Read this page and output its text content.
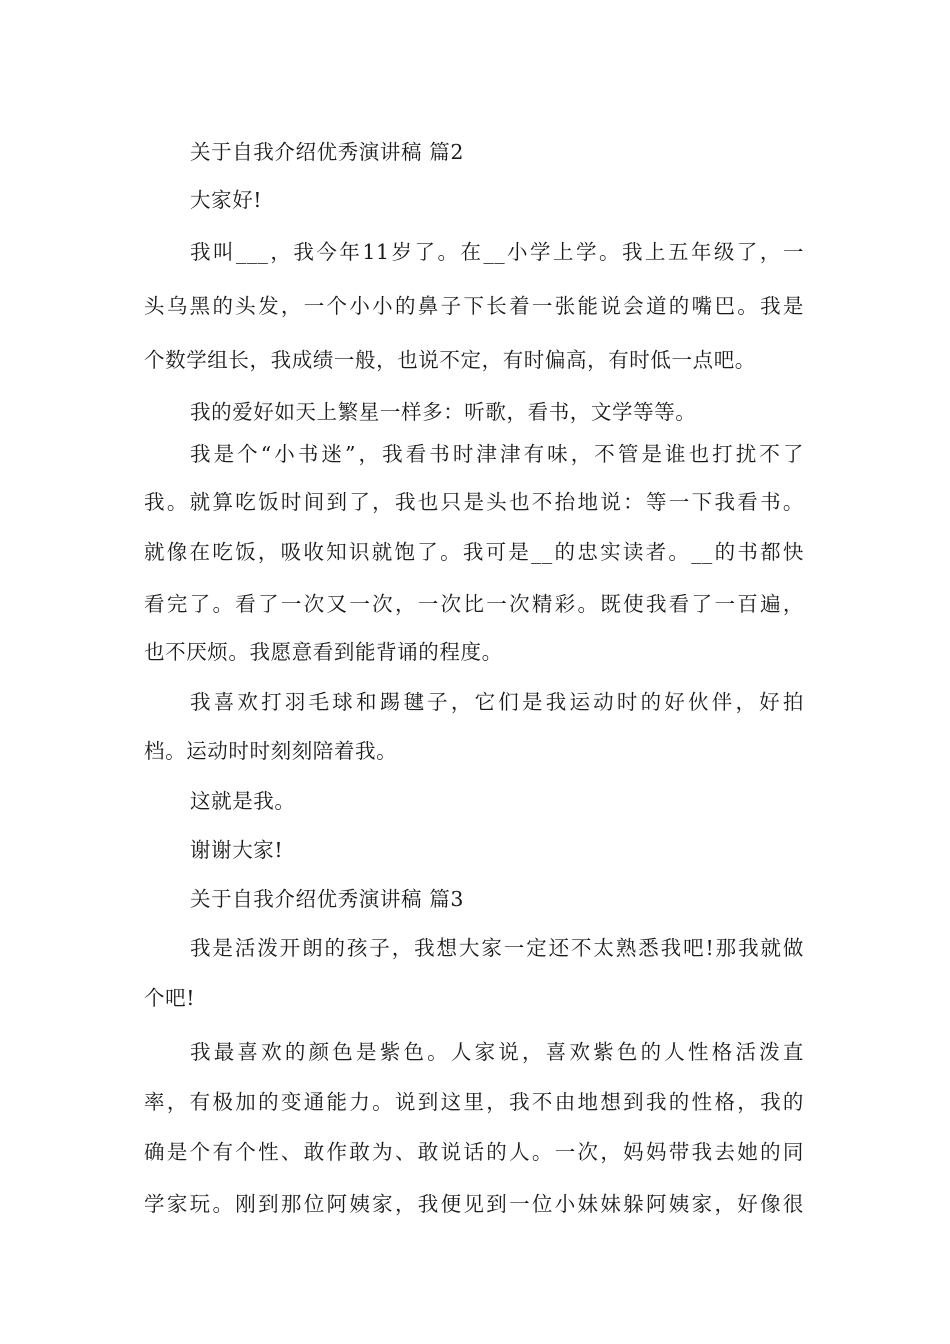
关于自我介绍优秀演讲稿 篇2
大家好!
我叫___，我今年11岁了。在__小学上学。我上五年级了，一
头乌黑的头发，一个小小的鼻子下长着一张能说会道的嘴巴。我是
个数学组长，我成绩一般，也说不定，有时偏高，有时低一点吧。
我的爱好如天上繁星一样多：听歌，看书，文学等等。
我是个“小书迷”，我看书时津津有味，不管是谁也打扰不了
我。就算吃饭时间到了，我也只是头也不抬地说：等一下我看书。
就像在吃饭，吸收知识就饱了。我可是__的忠实读者。__的书都快
看完了。看了一次又一次，一次比一次精彩。既使我看了一百遍，
也不厌烦。我愿意看到能背诵的程度。
我喜欢打羽毛球和踢毽子，它们是我运动时的好伙伴，好拍
档。运动时时刻刻陪着我。
这就是我。
谢谢大家!
关于自我介绍优秀演讲稿 篇3
我是活泼开朗的孩子，我想大家一定还不太熟悉我吧!那我就做
个吧!
我最喜欢的颜色是紫色。人家说，喜欢紫色的人性格活泼直
率，有极加的变通能力。说到这里，我不由地想到我的性格，我的
确是个有个性、敢作敢为、敢说话的人。一次，妈妈带我去她的同
学家玩。刚到那位阿姨家，我便见到一位小妹妹躲阿姨家，好像很
